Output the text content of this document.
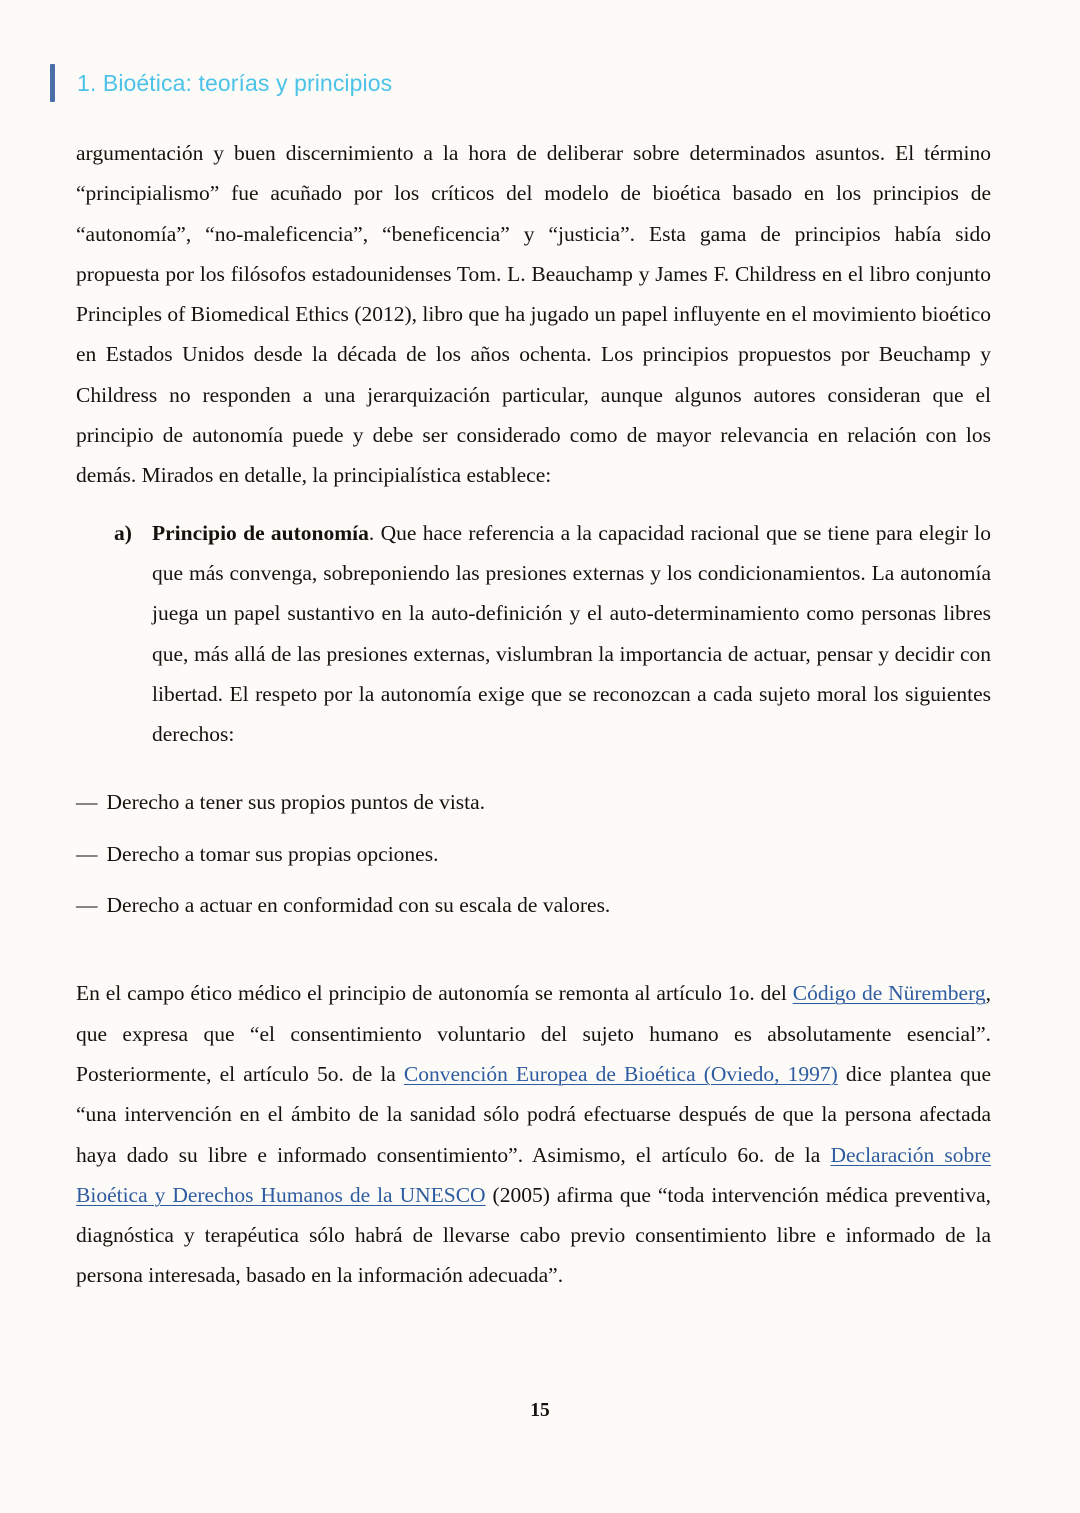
1. Bioética: teorías y principios

argumentación y buen discernimiento a la hora de deliberar sobre determinados asuntos. El término “principialismo” fue acuñado por los críticos del modelo de bioética basado en los principios de “autonomía”, “no-maleficencia”, “beneficencia” y “justicia”. Esta gama de principios había sido propuesta por los filósofos estadounidenses Tom. L. Beauchamp y James F. Childress en el libro conjunto Principles of Biomedical Ethics (2012), libro que ha jugado un papel influyente en el movimiento bioético en Estados Unidos desde la década de los años ochenta. Los principios propuestos por Beuchamp y Childress no responden a una jerarquización particular, aunque algunos autores consideran que el principio de autonomía puede y debe ser considerado como de mayor relevancia en relación con los demás. Mirados en detalle, la principialística establece:

a) Principio de autonomía. Que hace referencia a la capacidad racional que se tiene para elegir lo que más convenga, sobreponiendo las presiones externas y los condicionamientos. La autonomía juega un papel sustantivo en la auto-definición y el auto-determinamiento como personas libres que, más allá de las presiones externas, vislumbran la importancia de actuar, pensar y decidir con libertad. El respeto por la autonomía exige que se reconozcan a cada sujeto moral los siguientes derechos:
— Derecho a tener sus propios puntos de vista.
— Derecho a tomar sus propias opciones.
— Derecho a actuar en conformidad con su escala de valores.

En el campo ético médico el principio de autonomía se remonta al artículo 1o. del Código de Nüremberg, que expresa que “el consentimiento voluntario del sujeto humano es absolutamente esencial”. Posteriormente, el artículo 5o. de la Convención Europea de Bioética (Oviedo, 1997) dice plantea que “una intervención en el ámbito de la sanidad sólo podrá efectuarse después de que la persona afectada haya dado su libre e informado consentimiento”. Asimismo, el artículo 6o. de la Declaración sobre Bioética y Derechos Humanos de la UNESCO (2005) afirma que “toda intervención médica preventiva, diagnóstica y terapéutica sólo habrá de llevarse cabo previo consentimiento libre e informado de la persona interesada, basado en la información adecuada”.

15
